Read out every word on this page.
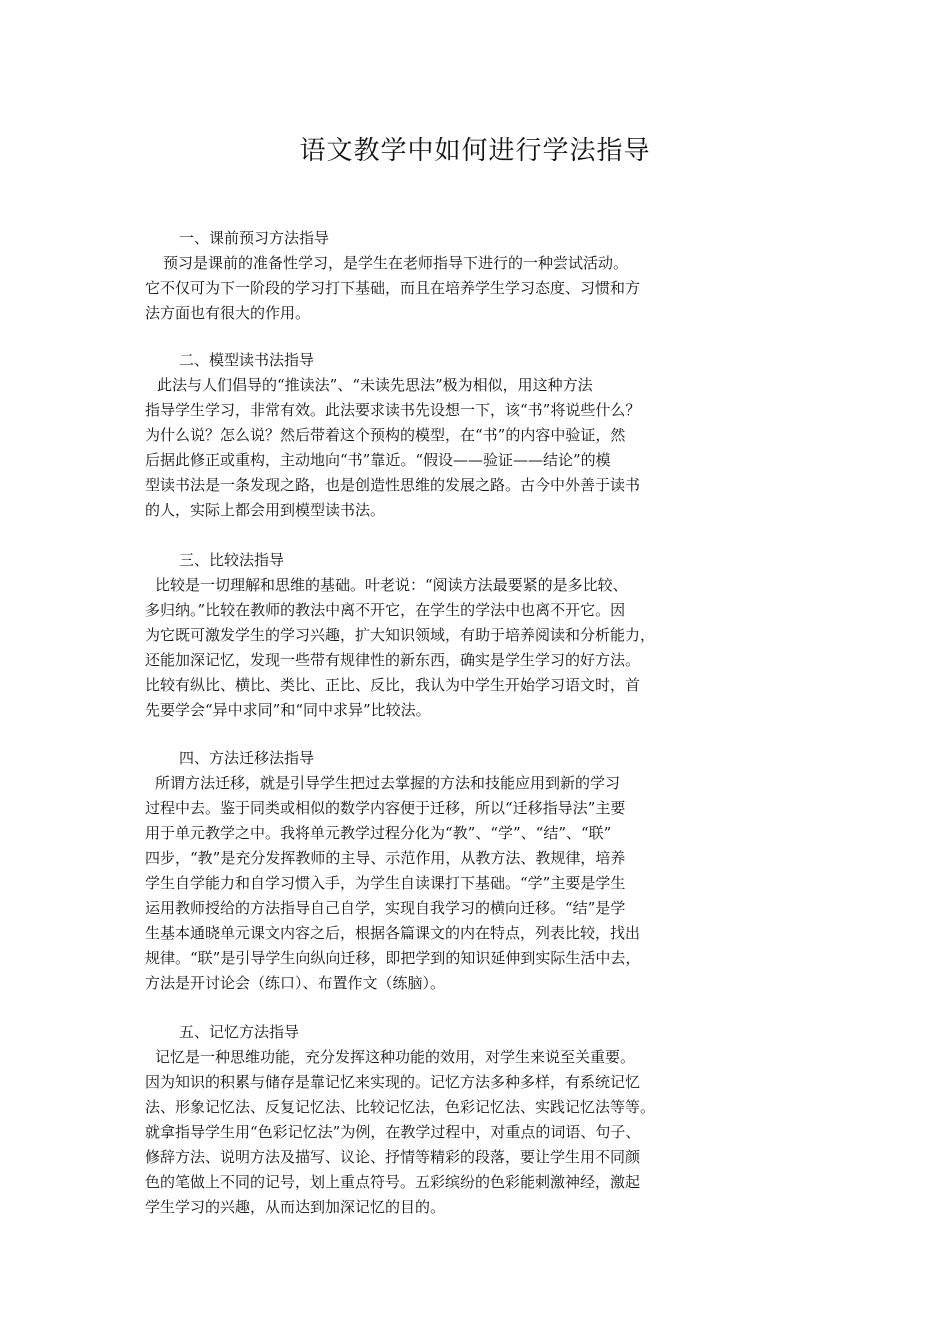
语文教学中如何进行学法指导
一、课前预习方法指导
预习是课前的准备性学习，是学生在老师指导下进行的一种尝试活动。
它不仅可为下一阶段的学习打下基础，而且在培养学生学习态度、习惯和方
法方面也有很大的作用。
二、模型读书法指导
此法与人们倡导的“推读法”、“未读先思法”极为相似，用这种方法
指导学生学习，非常有效。此法要求读书先设想一下，该“书”将说些什么？
为什么说？怎么说？然后带着这个预构的模型，在“书”的内容中验证，然
后据此修正或重构，主动地向“书”靠近。“假设——验证——结论”的模
型读书法是一条发现之路，也是创造性思维的发展之路。古今中外善于读书
的人，实际上都会用到模型读书法。
三、比较法指导
比较是一切理解和思维的基础。叶老说：“阅读方法最要紧的是多比较、
多归纳。”比较在教师的教法中离不开它，在学生的学法中也离不开它。因
为它既可激发学生的学习兴趣，扩大知识领域，有助于培养阅读和分析能力，
还能加深记忆，发现一些带有规律性的新东西，确实是学生学习的好方法。
比较有纵比、横比、类比、正比、反比，我认为中学生开始学习语文时，首
先要学会“异中求同”和“同中求异”比较法。
四、方法迁移法指导
所谓方法迁移，就是引导学生把过去掌握的方法和技能应用到新的学习
过程中去。鉴于同类或相似的数学内容便于迁移，所以“迁移指导法”主要
用于单元教学之中。我将单元教学过程分化为“教”、“学”、“结”、“联”
四步，“教”是充分发挥教师的主导、示范作用，从教方法、教规律，培养
学生自学能力和自学习惯入手，为学生自读课打下基础。“学”主要是学生
运用教师授给的方法指导自己自学，实现自我学习的横向迁移。“结”是学
生基本通晓单元课文内容之后，根据各篇课文的内在特点，列表比较，找出
规律。“联”是引导学生向纵向迁移，即把学到的知识延伸到实际生活中去，
方法是开讨论会（练口）、布置作文（练脑）。
五、记忆方法指导
记忆是一种思维功能，充分发挥这种功能的效用，对学生来说至关重要。
因为知识的积累与储存是靠记忆来实现的。记忆方法多种多样，有系统记忆
法、形象记忆法、反复记忆法、比较记忆法，色彩记忆法、实践记忆法等等。
就拿指导学生用“色彩记忆法”为例，在教学过程中，对重点的词语、句子、
修辞方法、说明方法及描写、议论、抒情等精彩的段落，要让学生用不同颜
色的笔做上不同的记号，划上重点符号。五彩缤纷的色彩能刺激神经，激起
学生学习的兴趣，从而达到加深记忆的目的。
